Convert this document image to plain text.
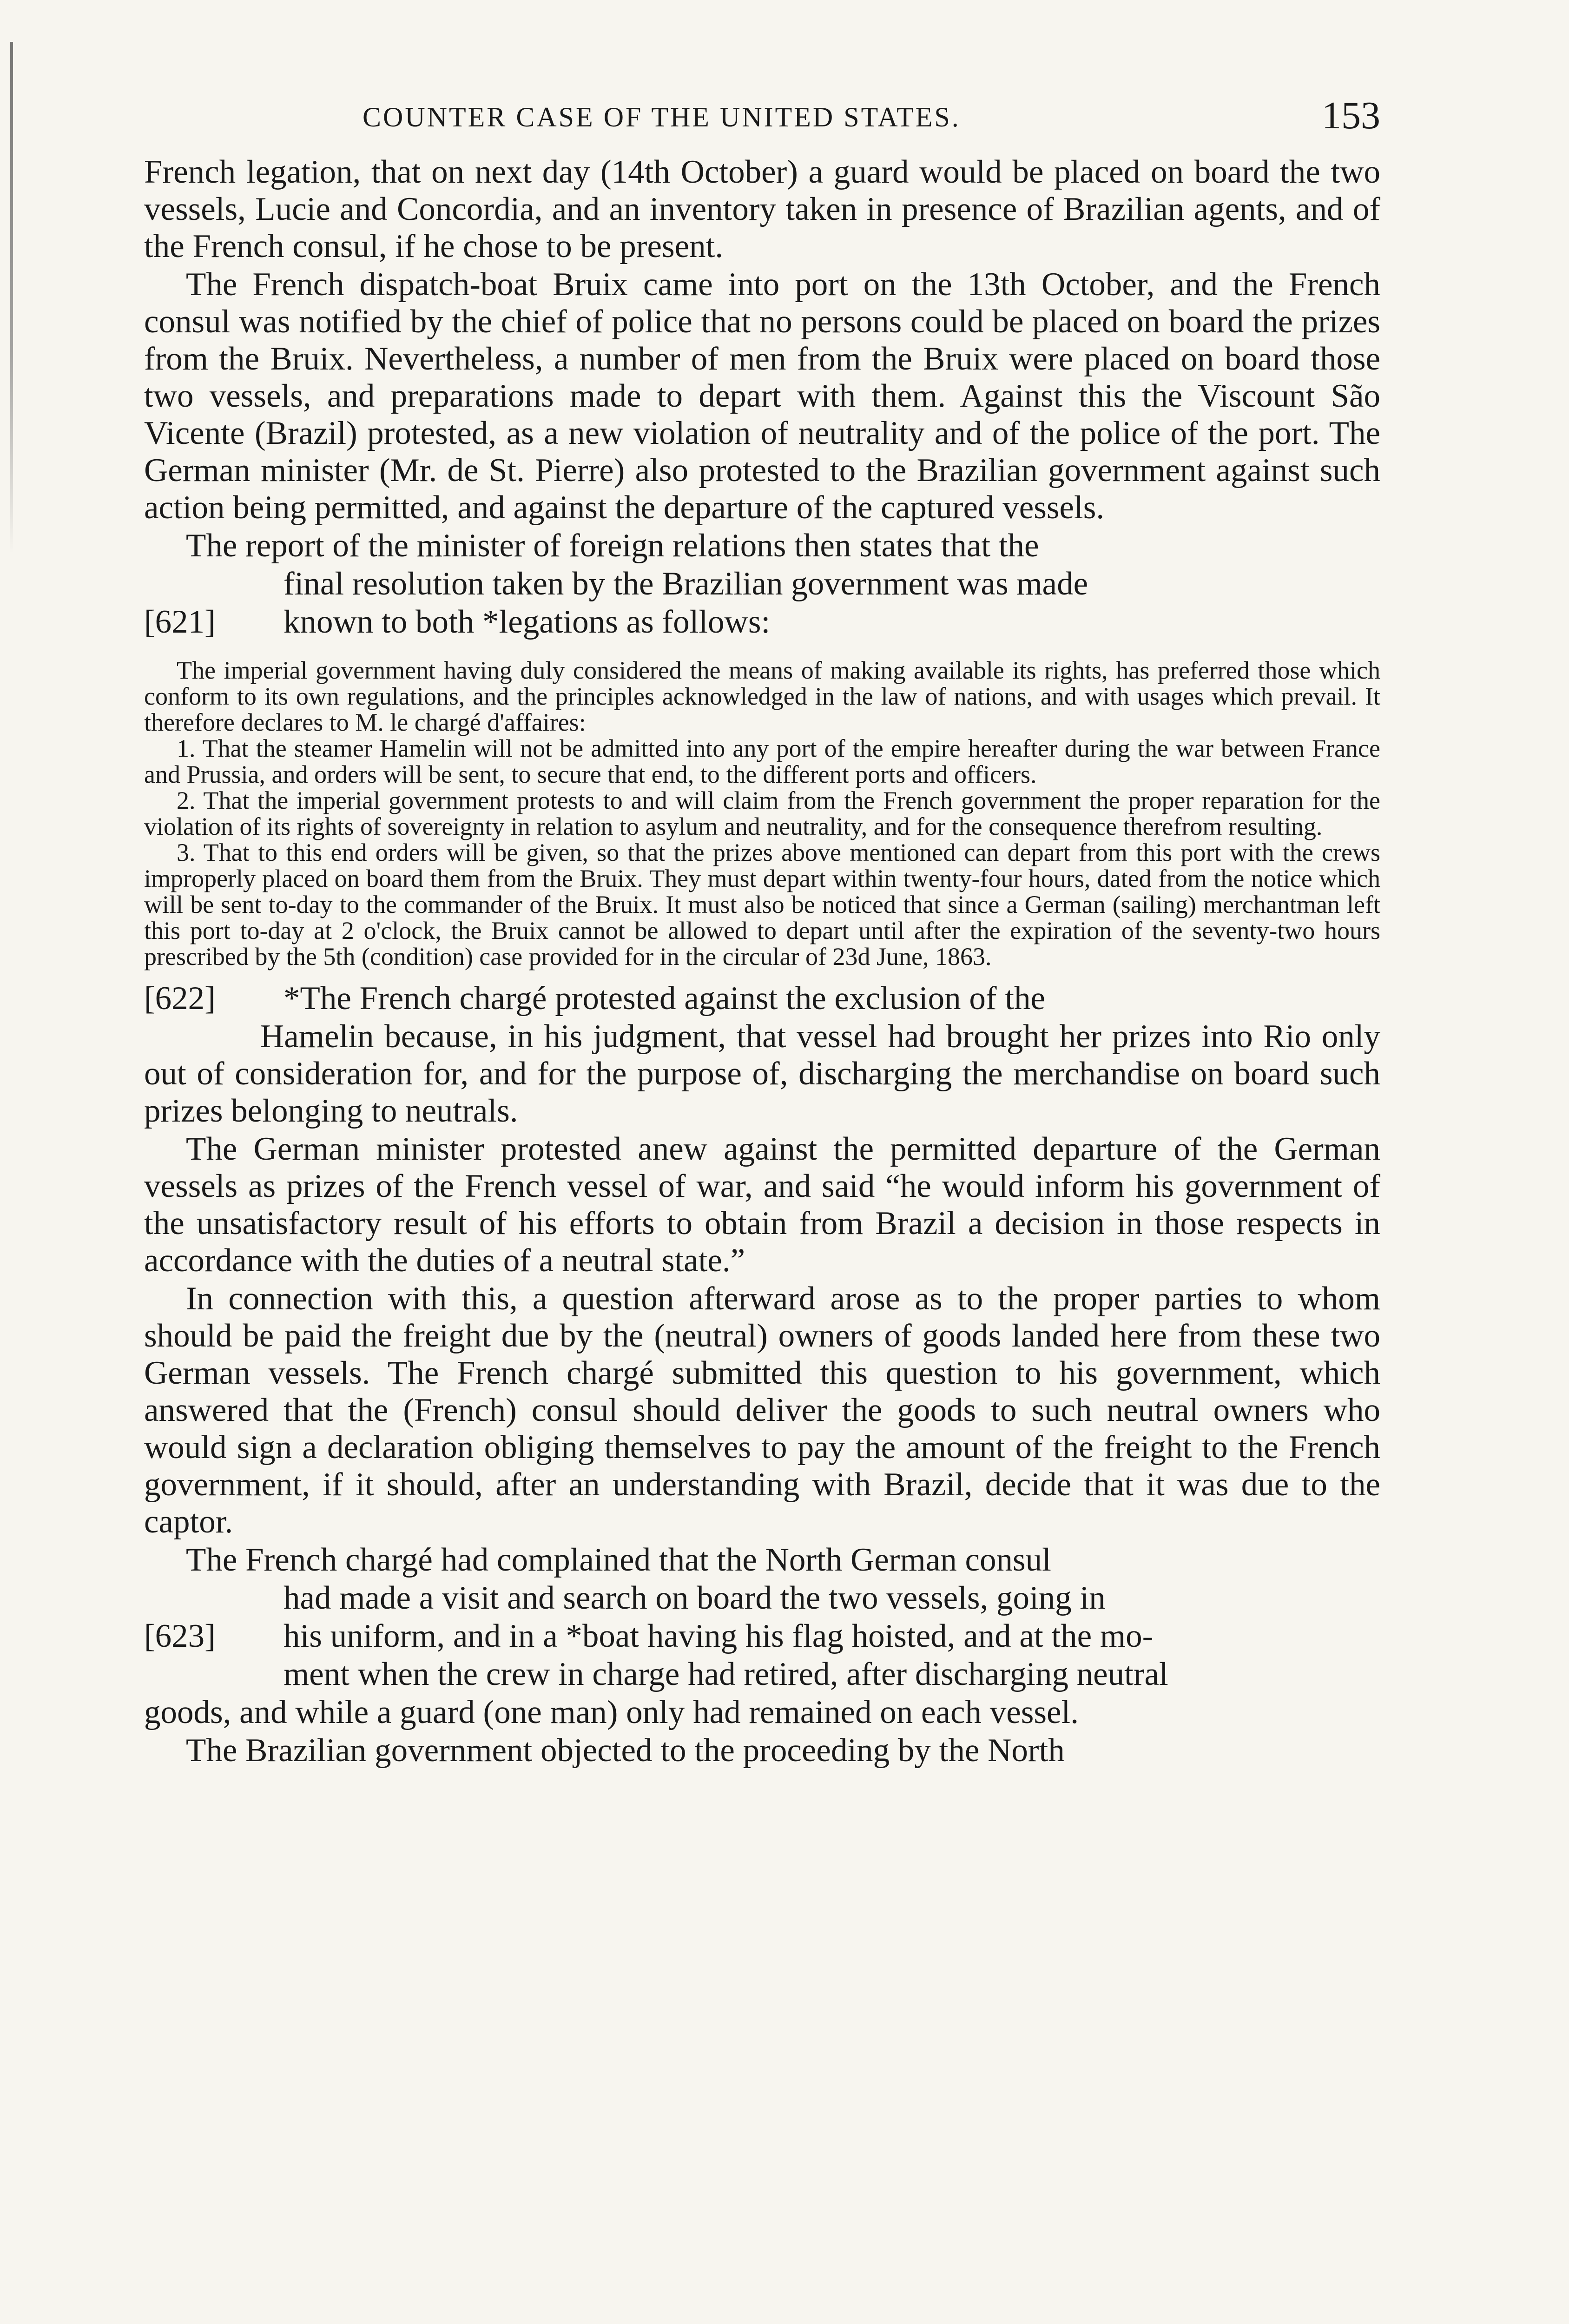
COUNTER CASE OF THE UNITED STATES.	153

French legation, that on next day (14th October) a guard would be placed on board the two vessels, Lucie and Concordia, and an inventory taken in presence of Brazilian agents, and of the French consul, if he chose to be present.

The French dispatch-boat Bruix came into port on the 13th October, and the French consul was notified by the chief of police that no persons could be placed on board the prizes from the Bruix. Nevertheless, a number of men from the Bruix were placed on board those two vessels, and preparations made to depart with them. Against this the Viscount São Vicente (Brazil) protested, as a new violation of neutrality and of the police of the port. The German minister (Mr. de St. Pierre) also protested to the Brazilian government against such action being permitted, and against the departure of the captured vessels.

The report of the minister of foreign relations then states that the

final resolution taken by the Brazilian government was made

[621]	known to both *legations as follows:

The imperial government having duly considered the means of making available its rights, has preferred those which conform to its own regulations, and the principles acknowledged in the law of nations, and with usages which prevail. It therefore declares to M. le chargé d'affaires:

1. That the steamer Hamelin will not be admitted into any port of the empire hereafter during the war between France and Prussia, and orders will be sent, to secure that end, to the different ports and officers.

2. That the imperial government protests to and will claim from the French government the proper reparation for the violation of its rights of sovereignty in relation to asylum and neutrality, and for the consequence therefrom resulting.

3. That to this end orders will be given, so that the prizes above mentioned can depart from this port with the crews improperly placed on board them from the Bruix. They must depart within twenty-four hours, dated from the notice which will be sent to-day to the commander of the Bruix. It must also be noticed that since a German (sailing) merchantman left this port to-day at 2 o'clock, the Bruix cannot be allowed to depart until after the expiration of the seventy-two hours prescribed by the 5th (condition) case provided for in the circular of 23d June, 1863.

[622]	*The French chargé protested against the exclusion of the

Hamelin because, in his judgment, that vessel had brought her prizes into Rio only out of consideration for, and for the purpose of, discharging the merchandise on board such prizes belonging to neutrals.

The German minister protested anew against the permitted departure of the German vessels as prizes of the French vessel of war, and said “he would inform his government of the unsatisfactory result of his efforts to obtain from Brazil a decision in those respects in accordance with the duties of a neutral state.”

In connection with this, a question afterward arose as to the proper parties to whom should be paid the freight due by the (neutral) owners of goods landed here from these two German vessels. The French chargé submitted this question to his government, which answered that the (French) consul should deliver the goods to such neutral owners who would sign a declaration obliging themselves to pay the amount of the freight to the French government, if it should, after an understanding with Brazil, decide that it was due to the captor.

The French chargé had complained that the North German consul

had made a visit and search on board the two vessels, going in

[623]	his uniform, and in a *boat having his flag hoisted, and at the mo-

ment when the crew in charge had retired, after discharging neutral

goods, and while a guard (one man) only had remained on each vessel.

The Brazilian government objected to the proceeding by the North
